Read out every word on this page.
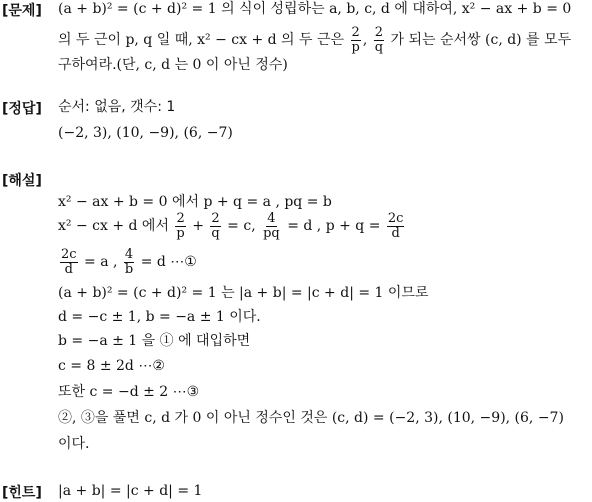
[문제] (a + b)² = (c + d)² = 1 의 식이 성립하는 a, b, c, d 에 대하여, x² − ax + b = 0
의 두 근이 p, q 일 때, x² − cx + d 의 두 근은 $\frac{2}{p}$ , $\frac{2}{q}$ 가 되는 순서쌍 (c, d) 를 모두
구하여라.(단, c, d 는 0 이 아닌 정수)
[정답] 순서: 없음, 갯수: 1
(−2, 3), (10, −9), (6, −7)
[해설]
x² − ax + b = 0 에서 p + q = a , pq = b
x² − cx + d 에서 $\frac{2}{p} + \frac{2}{q} = c$, $\frac{4}{pq} = d$ , $p + q = \frac{2c}{d}$
$\frac{2c}{d} = a$ , $\frac{4}{b} = d$ ⋯①
(a + b)² = (c + d)² = 1 는 |a + b| = |c + d| = 1 이므로
d = −c ± 1, b = −a ± 1 이다.
b = −a ± 1 을 ① 에 대입하면
c = 8 ± 2d ⋯②
또한 c = −d ± 2 ⋯③
②, ③을 풀면 c, d 가 0 이 아닌 정수인 것은 (c, d) = (−2, 3), (10, −9), (6, −7)
이다.
[힌트] |a + b| = |c + d| = 1
